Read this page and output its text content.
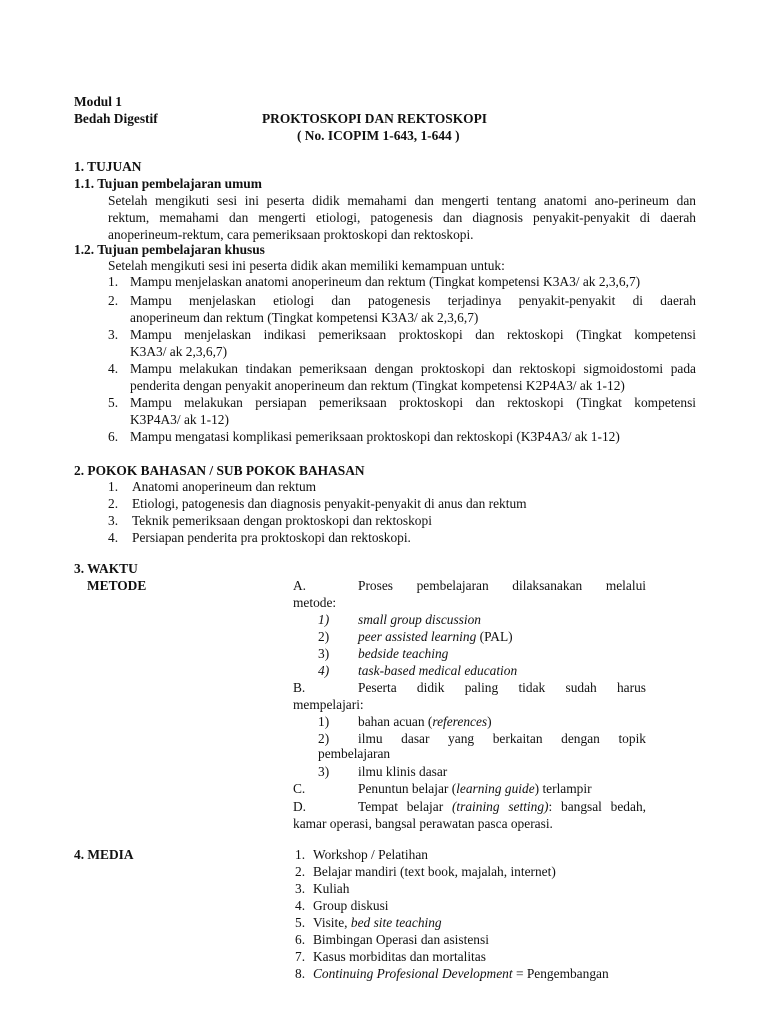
Modul 1
Bedah Digestif	PROKTOSKOPI DAN REKTOSKOPI
( No. ICOPIM 1-643, 1-644 )
1. TUJUAN
1.1. Tujuan pembelajaran umum
Setelah mengikuti sesi ini peserta didik memahami dan mengerti tentang anatomi ano-perineum dan
rektum, memahami dan mengerti etiologi, patogenesis dan diagnosis penyakit-penyakit di daerah
anoperineum-rektum, cara pemeriksaan proktoskopi dan rektoskopi.
1.2. Tujuan pembelajaran khusus
Setelah mengikuti sesi ini peserta didik akan memiliki kemampuan untuk:
1. Mampu menjelaskan anatomi anoperineum dan rektum (Tingkat kompetensi K3A3/ ak 2,3,6,7)
2. Mampu menjelaskan etiologi dan patogenesis terjadinya penyakit-penyakit di daerah
anoperineum dan rektum (Tingkat kompetensi K3A3/ ak 2,3,6,7)
3. Mampu menjelaskan indikasi pemeriksaan proktoskopi dan rektoskopi (Tingkat kompetensi
K3A3/ ak 2,3,6,7)
4. Mampu melakukan tindakan pemeriksaan dengan proktoskopi dan rektoskopi sigmoidostomi pada
penderita dengan penyakit anoperineum dan rektum (Tingkat kompetensi K2P4A3/ ak 1-12)
5. Mampu melakukan persiapan pemeriksaan proktoskopi dan rektoskopi (Tingkat kompetensi
K3P4A3/ ak 1-12)
6. Mampu mengatasi komplikasi pemeriksaan proktoskopi dan rektoskopi (K3P4A3/ ak 1-12)
2. POKOK BAHASAN / SUB POKOK BAHASAN
1.	Anatomi anoperineum dan rektum
2.	Etiologi, patogenesis dan diagnosis penyakit-penyakit di anus dan rektum
3.	Teknik pemeriksaan dengan proktoskopi dan rektoskopi
4.	Persiapan penderita pra proktoskopi dan rektoskopi.
3. WAKTU
METODE	A.	Proses pembelajaran dilaksanakan melalui
metode:
1) small group discussion
2) peer assisted learning (PAL)
3) bedside teaching
4) task-based medical education
B.	Peserta didik paling tidak sudah harus
mempelajari:
1) bahan acuan (references)
2) ilmu dasar yang berkaitan dengan topik
pembelajaran
3) ilmu klinis dasar
C.	Penuntun belajar (learning guide) terlampir
D.	Tempat belajar (training setting): bangsal bedah,
kamar operasi, bangsal perawatan pasca operasi.
4. MEDIA	1. Workshop / Pelatihan
2. Belajar mandiri (text book, majalah, internet)
3. Kuliah
4. Group diskusi
5. Visite, bed site teaching
6. Bimbingan Operasi dan asistensi
7. Kasus morbiditas dan mortalitas
8. Continuing Profesional Development = Pengembangan
